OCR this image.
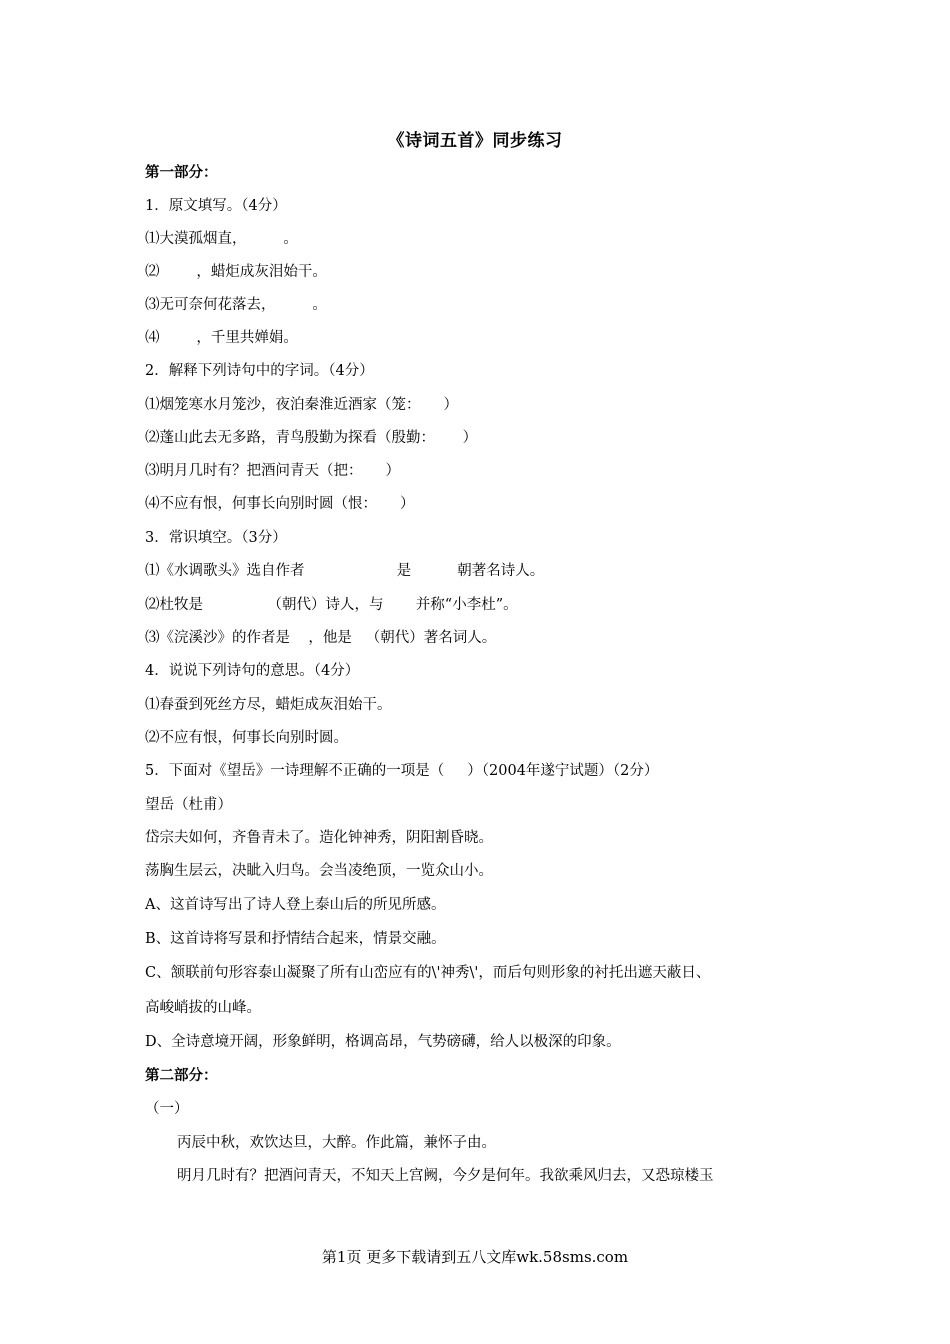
《诗词五首》同步练习
第一部分：
1．原文填写。（4分）
⑴大漠孤烟直，        。
⑵        ，蜡炬成灰泪始干。
⑶无可奈何花落去，        。
⑷        ，千里共婵娟。
2．解释下列诗句中的字词。（4分）
⑴烟笼寒水月笼沙，夜泊秦淮近酒家（笼：     ）
⑵蓬山此去无多路，青鸟殷勤为探看（殷勤：      ）
⑶明月几时有？把酒问青天（把：     ）
⑷不应有恨，何事长向别时圆（恨：     ）
3．常识填空。（3分）
⑴《水调歌头》选自作者                    是          朝著名诗人。
⑵杜牧是              （朝代）诗人，与       并称“小李杜”。
⑶《浣溪沙》的作者是    ，他是   （朝代）著名词人。
4．说说下列诗句的意思。（4分）
⑴春蚕到死丝方尽，蜡炬成灰泪始干。
⑵不应有恨，何事长向别时圆。
5．下面对《望岳》一诗理解不正确的一项是（     ）（2004年遂宁试题）（2分）
望岳（杜甫）
岱宗夫如何，齐鲁青未了。造化钟神秀，阴阳割昏晓。
荡胸生层云，决眦入归鸟。会当凌绝顶，一览众山小。
A、这首诗写出了诗人登上泰山后的所见所感。
B、这首诗将写景和抒情结合起来，情景交融。
C、颔联前句形容泰山凝聚了所有山峦应有的\'神秀\'，而后句则形象的衬托出遮天蔽日、
高峻峭拔的山峰。
D、全诗意境开阔，形象鲜明，格调高昂，气势磅礴，给人以极深的印象。
第二部分：
（一）
丙辰中秋，欢饮达旦，大醉。作此篇，兼怀子由。
明月几时有？把酒问青天，不知天上宫阙，今夕是何年。我欲乘风归去，又恐琼楼玉
第1页 更多下载请到五八文库wk.58sms.com
